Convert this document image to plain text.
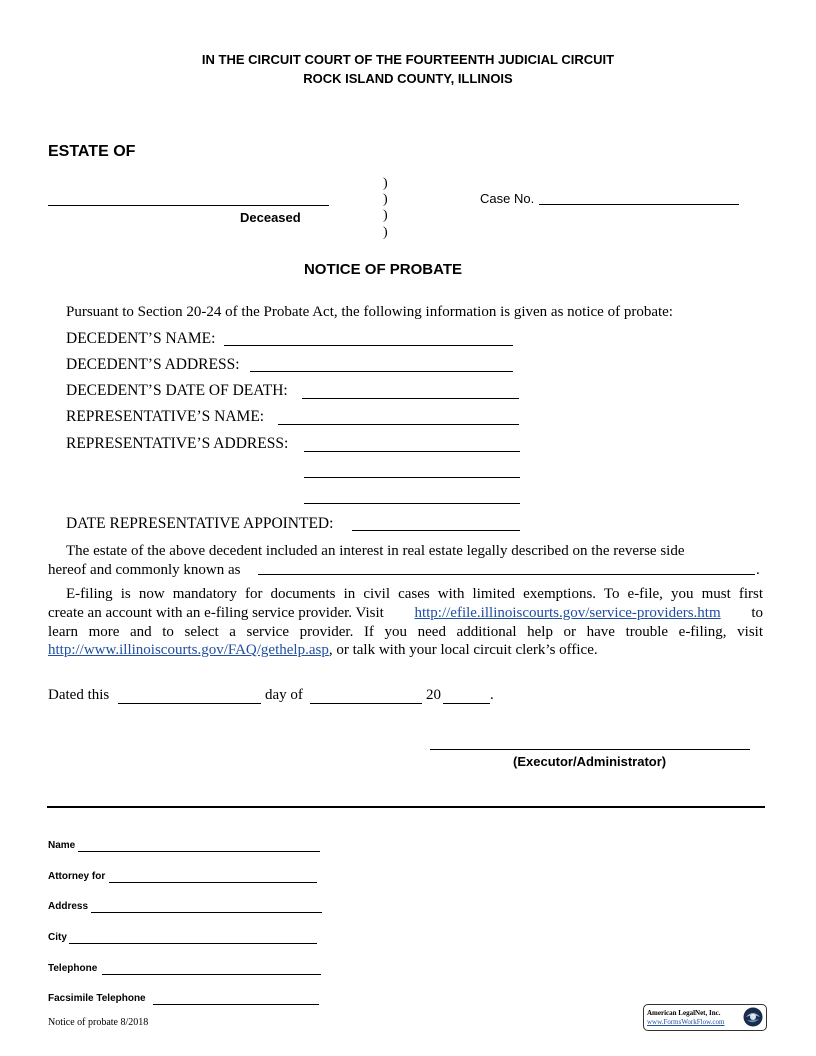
IN THE CIRCUIT COURT OF THE FOURTEENTH JUDICIAL CIRCUIT
ROCK ISLAND COUNTY, ILLINOIS
ESTATE OF
Deceased
)
)
)
)
Case No.
NOTICE OF PROBATE
Pursuant to Section 20-24 of the Probate Act, the following information is given as notice of probate:
DECEDENT’S NAME:
DECEDENT’S ADDRESS:
DECEDENT’S DATE OF DEATH:
REPRESENTATIVE’S NAME:
REPRESENTATIVE’S ADDRESS:
DATE REPRESENTATIVE APPOINTED:
The estate of the above decedent included an interest in real estate legally described on the reverse side
hereof and commonly known as	.
E-filing is now mandatory for documents in civil cases with limited exemptions. To e-file, you must first
create an account with an e-filing service provider. Visit http://efile.illinoiscourts.gov/service-providers.htm to
learn more and to select a service provider. If you need additional help or have trouble e-filing, visit
http://www.illinoiscourts.gov/FAQ/gethelp.asp, or talk with your local circuit clerk’s office.
Dated this	day of	20	.
(Executor/Administrator)
Name
Attorney for
Address
City
Telephone
Facsimile Telephone
Notice of probate 8/2018
American LegalNet, Inc.
www.FormsWorkFlow.com
